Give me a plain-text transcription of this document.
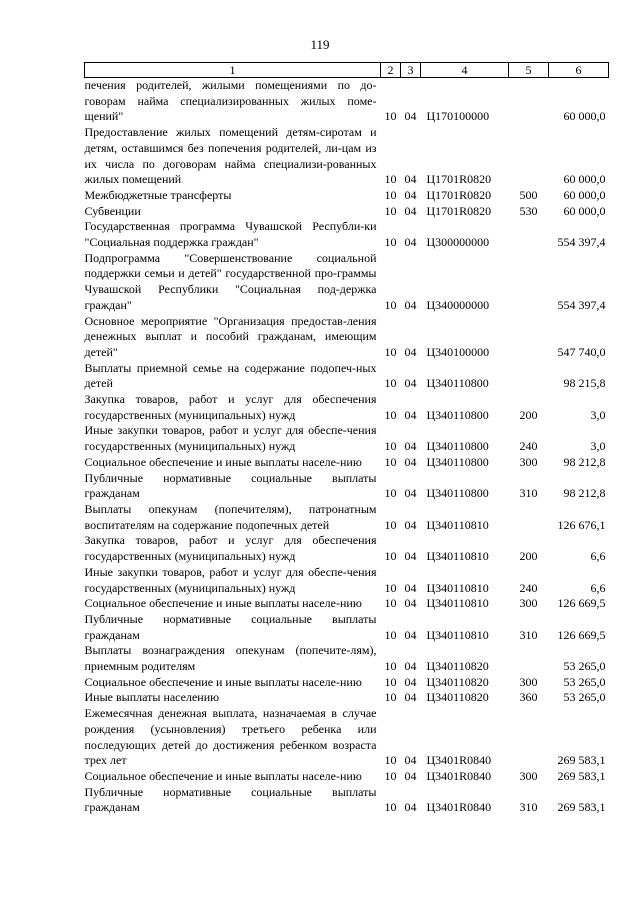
119
1	2	3	4	5	6
печения родителей, жилыми помещениями по до-говорам найма специализированных жилых поме-щений"	10	04	Ц170100000		60 000,0
Предоставление жилых помещений детям-сиротам и детям, оставшимся без попечения родителей, ли-цам из их числа по договорам найма специализи-рованных жилых помещений	10	04	Ц1701R0820		60 000,0
Межбюджетные трансферты	10	04	Ц1701R0820	500	60 000,0
Субвенции	10	04	Ц1701R0820	530	60 000,0
Государственная программа Чувашской Республи-ки "Социальная поддержка граждан"	10	04	Ц300000000		554 397,4
Подпрограмма "Совершенствование социальной поддержки семьи и детей" государственной про-граммы Чувашской Республики "Социальная под-держка граждан"	10	04	Ц340000000		554 397,4
Основное мероприятие "Организация предостав-ления денежных выплат и пособий гражданам, имеющим детей"	10	04	Ц340100000		547 740,0
Выплаты приемной семье на содержание подопеч-ных детей	10	04	Ц340110800		98 215,8
Закупка товаров, работ и услуг для обеспечения государственных (муниципальных) нужд	10	04	Ц340110800	200	3,0
Иные закупки товаров, работ и услуг для обеспе-чения государственных (муниципальных) нужд	10	04	Ц340110800	240	3,0
Социальное обеспечение и иные выплаты населе-нию	10	04	Ц340110800	300	98 212,8
Публичные нормативные социальные выплаты гражданам	10	04	Ц340110800	310	98 212,8
Выплаты опекунам (попечителям), патронатным воспитателям на содержание подопечных детей	10	04	Ц340110810		126 676,1
Закупка товаров, работ и услуг для обеспечения государственных (муниципальных) нужд	10	04	Ц340110810	200	6,6
Иные закупки товаров, работ и услуг для обеспе-чения государственных (муниципальных) нужд	10	04	Ц340110810	240	6,6
Социальное обеспечение и иные выплаты населе-нию	10	04	Ц340110810	300	126 669,5
Публичные нормативные социальные выплаты гражданам	10	04	Ц340110810	310	126 669,5
Выплаты вознаграждения опекунам (попечите-лям), приемным родителям	10	04	Ц340110820		53 265,0
Социальное обеспечение и иные выплаты населе-нию	10	04	Ц340110820	300	53 265,0
Иные выплаты населению	10	04	Ц340110820	360	53 265,0
Ежемесячная денежная выплата, назначаемая в случае рождения (усыновления) третьего ребенка или последующих детей до достижения ребенком возраста трех лет	10	04	Ц3401R0840		269 583,1
Социальное обеспечение и иные выплаты населе-нию	10	04	Ц3401R0840	300	269 583,1
Публичные нормативные социальные выплаты гражданам	10	04	Ц3401R0840	310	269 583,1
